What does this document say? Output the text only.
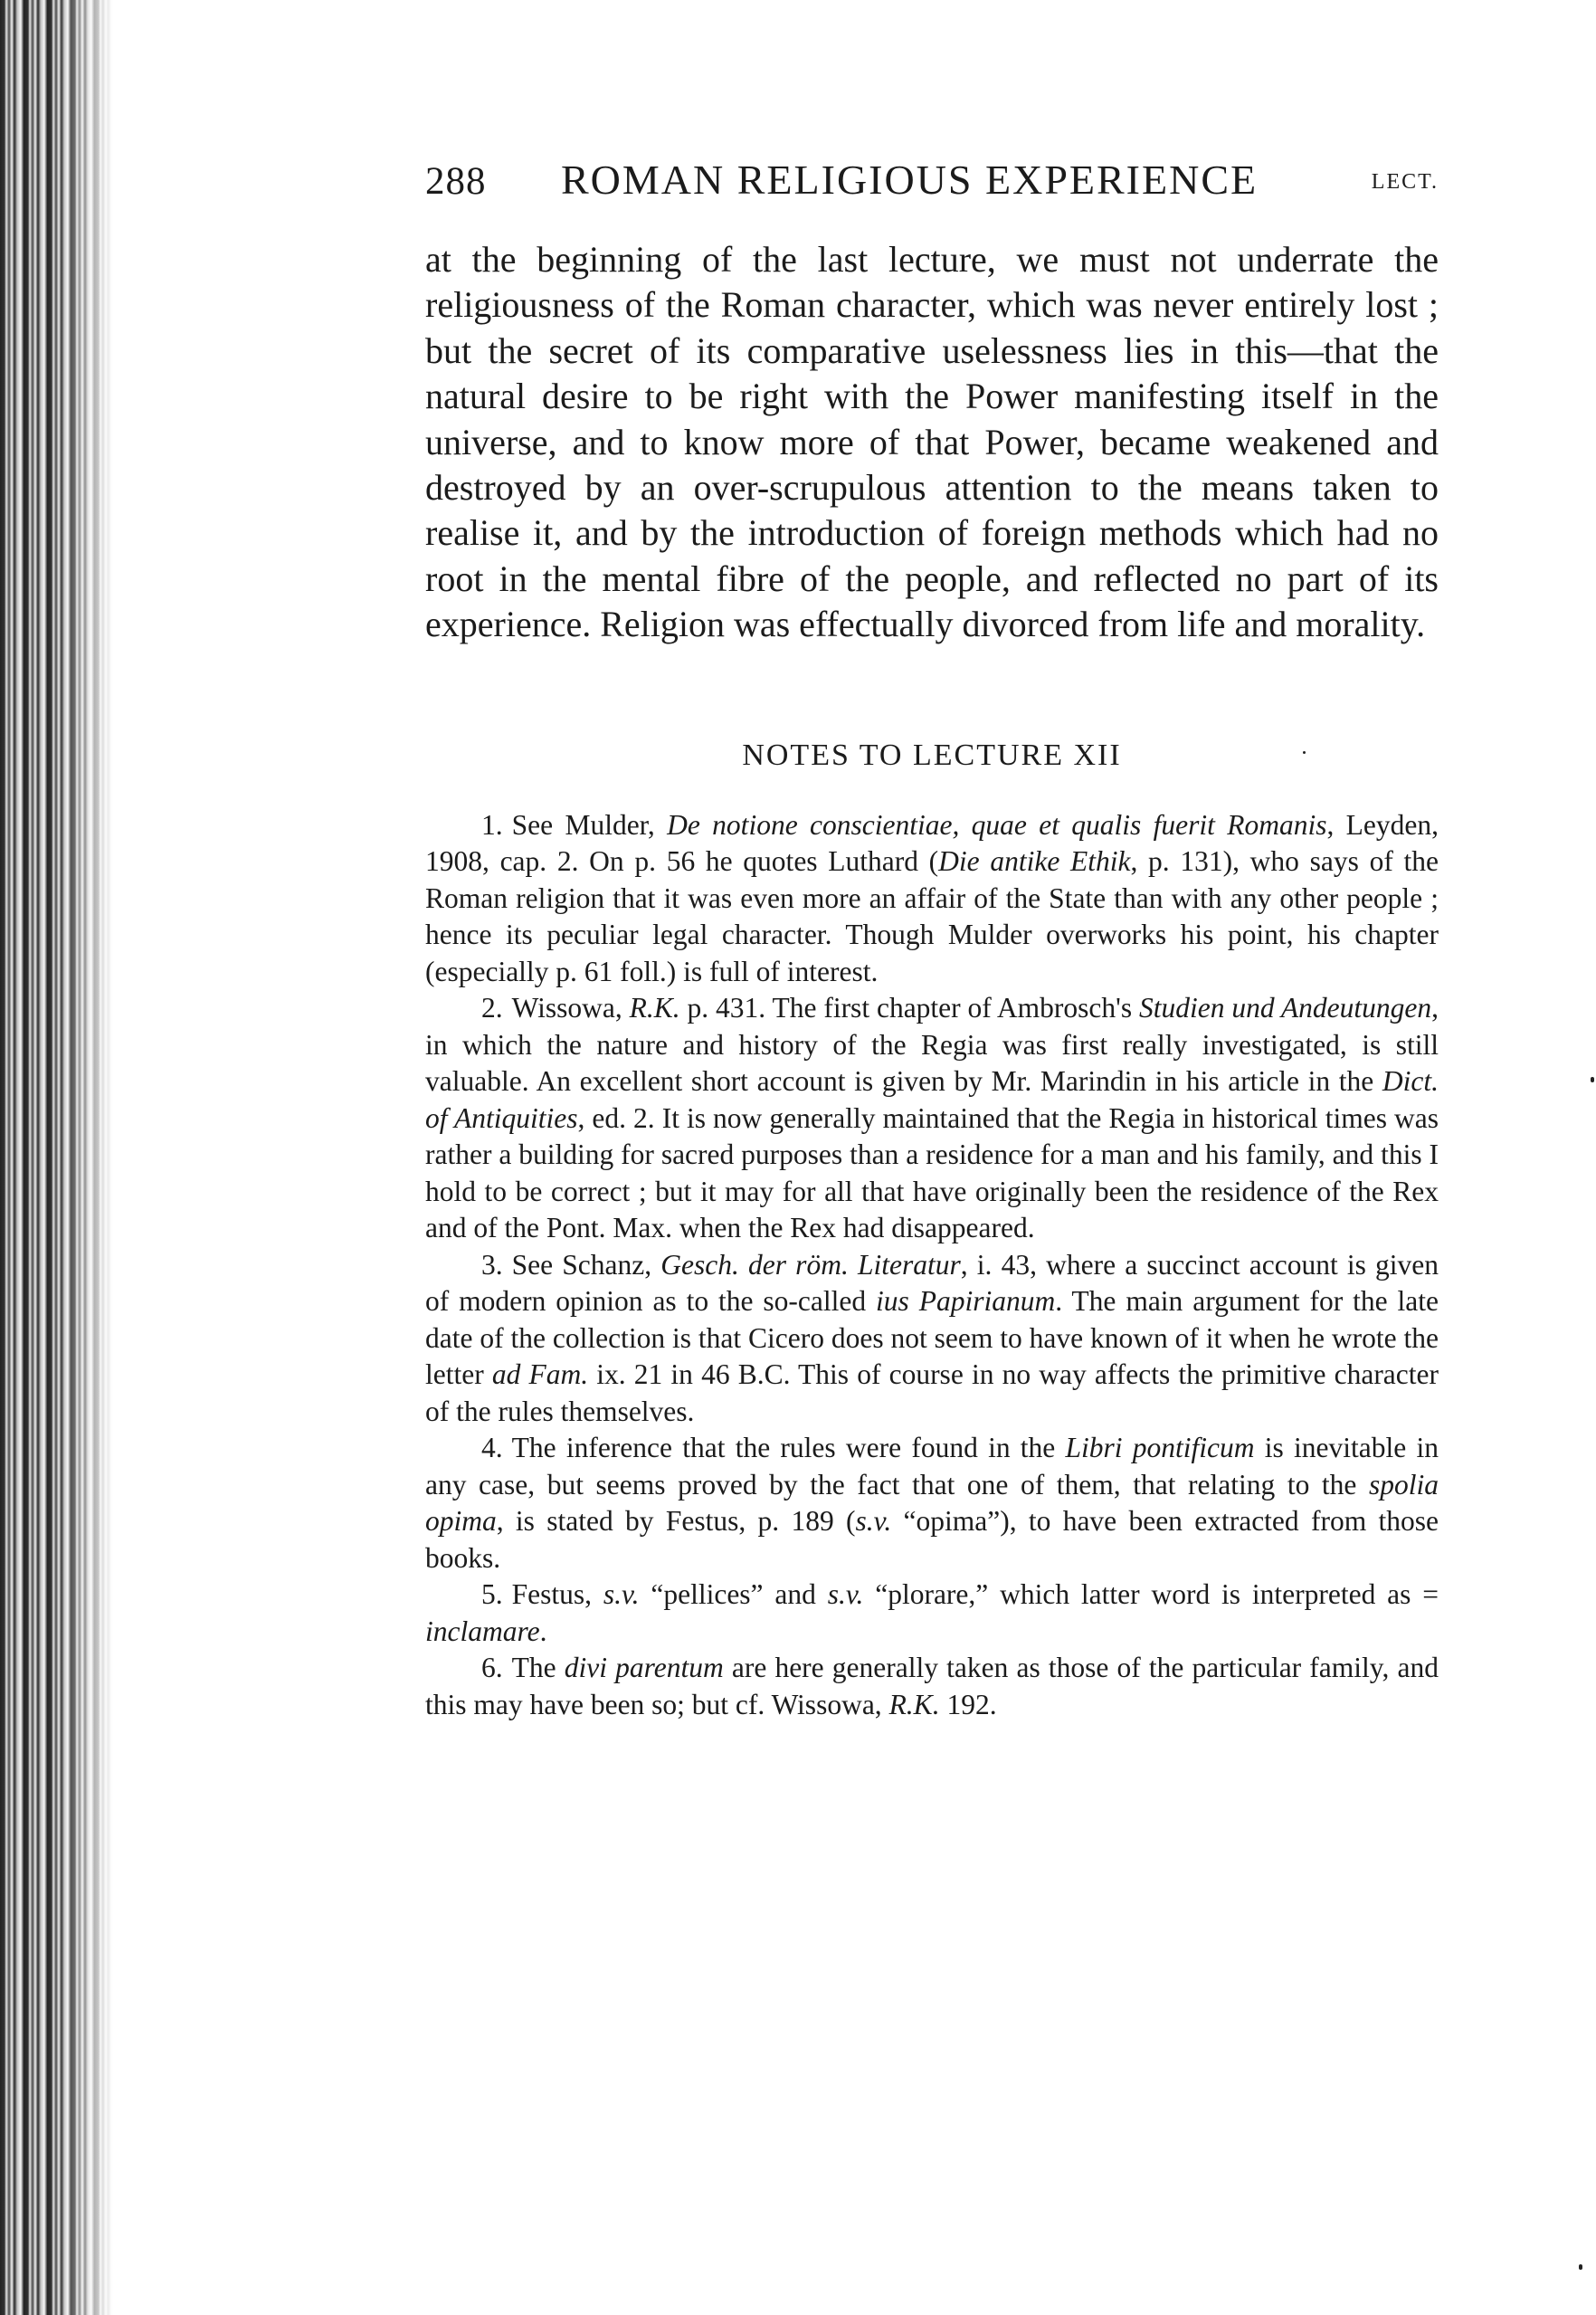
288 ROMAN RELIGIOUS EXPERIENCE	LECT.

at the beginning of the last lecture, we must not underrate the religiousness of the Roman character, which was never entirely lost ; but the secret of its comparative uselessness lies in this—that the natural desire to be right with the Power manifesting itself in the universe, and to know more of that Power, became weakened and destroyed by an over-scrupulous attention to the means taken to realise it, and by the introduction of foreign methods which had no root in the mental fibre of the people, and reflected no part of its experience. Religion was effectually divorced from life and morality.

NOTES TO LECTURE XII

1. See Mulder, De notione conscientiae, quae et qualis fuerit Romanis, Leyden, 1908, cap. 2. On p. 56 he quotes Luthard (Die antike Ethik, p. 131), who says of the Roman religion that it was even more an affair of the State than with any other people ; hence its peculiar legal character. Though Mulder overworks his point, his chapter (especially p. 61 foll.) is full of interest.

2. Wissowa, R.K. p. 431. The first chapter of Ambrosch's Studien und Andeutungen, in which the nature and history of the Regia was first really investigated, is still valuable. An excellent short account is given by Mr. Marindin in his article in the Dict. of Antiquities, ed. 2. It is now generally maintained that the Regia in historical times was rather a building for sacred purposes than a residence for a man and his family, and this I hold to be correct ; but it may for all that have originally been the residence of the Rex and of the Pont. Max. when the Rex had disappeared.

3. See Schanz, Gesch. der röm. Literatur, i. 43, where a succinct account is given of modern opinion as to the so-called ius Papirianum. The main argument for the late date of the collection is that Cicero does not seem to have known of it when he wrote the letter ad Fam. ix. 21 in 46 B.C. This of course in no way affects the primitive character of the rules themselves.

4. The inference that the rules were found in the Libri pontificum is inevitable in any case, but seems proved by the fact that one of them, that relating to the spolia opima, is stated by Festus, p. 189 (s.v. “opima”), to have been extracted from those books.

5. Festus, s.v. “pellices” and s.v. “plorare,” which latter word is interpreted as = inclamare.

6. The divi parentum are here generally taken as those of the particular family, and this may have been so; but cf. Wissowa, R.K. 192.
